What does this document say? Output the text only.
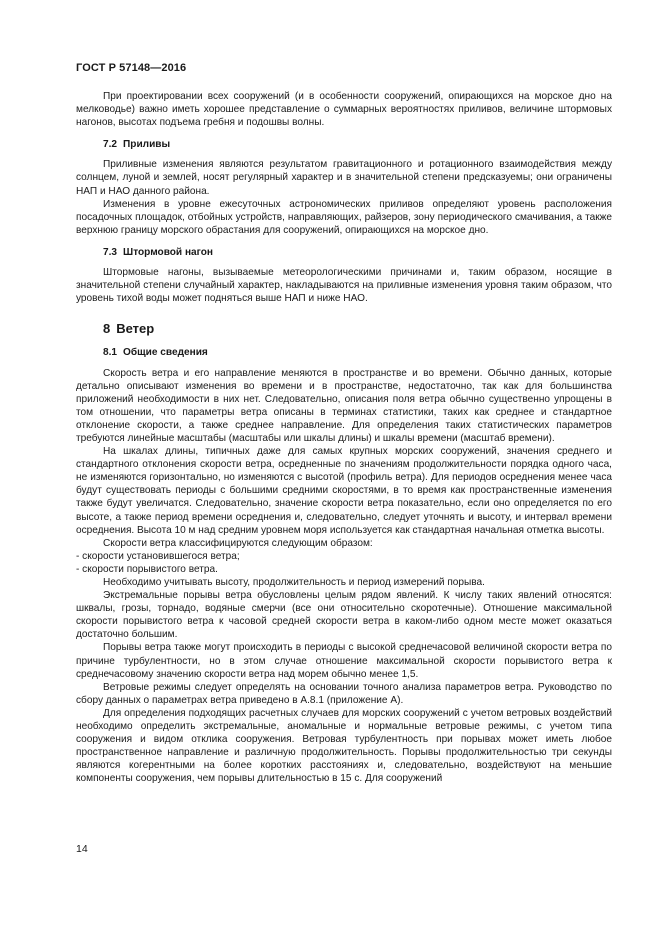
ГОСТ Р 57148—2016

При проектировании всех сооружений (и в особенности сооружений, опирающихся на морское дно на мелководье) важно иметь хорошее представление о суммарных вероятностях приливов, величине штормовых нагонов, высотах подъема гребня и подошвы волны.

7.2 Приливы

Приливные изменения являются результатом гравитационного и ротационного взаимодействия между солнцем, луной и землей, носят регулярный характер и в значительной степени предсказуемы; они ограничены НАП и НАО данного района.

Изменения в уровне ежесуточных астрономических приливов определяют уровень расположения посадочных площадок, отбойных устройств, направляющих, райзеров, зону периодического смачивания, а также верхнюю границу морского обрастания для сооружений, опирающихся на морское дно.

7.3 Штормовой нагон

Штормовые нагоны, вызываемые метеорологическими причинами и, таким образом, носящие в значительной степени случайный характер, накладываются на приливные изменения уровня таким образом, что уровень тихой воды может подняться выше НАП и ниже НАО.

8 Ветер
8.1 Общие сведения

Скорость ветра и его направление меняются в пространстве и во времени. Обычно данных, которые детально описывают изменения во времени и в пространстве, недостаточно, так как для большинства приложений необходимости в них нет. Следовательно, описания поля ветра обычно существенно упрощены в том отношении, что параметры ветра описаны в терминах статистики, таких как среднее и стандартное отклонение скорости, а также среднее направление. Для определения таких статистических параметров требуются линейные масштабы (масштабы или шкалы длины) и шкалы времени (масштаб времени).

На шкалах длины, типичных даже для самых крупных морских сооружений, значения среднего и стандартного отклонения скорости ветра, осредненные по значениям продолжительности порядка одного часа, не изменяются горизонтально, но изменяются с высотой (профиль ветра). Для периодов осреднения менее часа будут существовать периоды с большими средними скоростями, в то время как пространственные изменения также будут увеличатся. Следовательно, значение скорости ветра показательно, если оно определяется по его высоте, а также период времени осреднения и, следовательно, следует уточнять и высоту, и интервал времени осреднения. Высота 10 м над средним уровнем моря используется как стандартная начальная отметка высоты.

Скорости ветра классифицируются следующим образом:

- скорости установившегося ветра;

- скорости порывистого ветра.

Необходимо учитывать высоту, продолжительность и период измерений порыва.

Экстремальные порывы ветра обусловлены целым рядом явлений. К числу таких явлений относятся: шквалы, грозы, торнадо, водяные смерчи (все они относительно скоротечные). Отношение максимальной скорости порывистого ветра к часовой средней скорости ветра в каком-либо одном месте может оказаться достаточно большим.

Порывы ветра также могут происходить в периоды с высокой среднечасовой величиной скорости ветра по причине турбулентности, но в этом случае отношение максимальной скорости порывистого ветра к среднечасовому значению скорости ветра над морем обычно менее 1,5.

Ветровые режимы следует определять на основании точного анализа параметров ветра. Руководство по сбору данных о параметрах ветра приведено в А.8.1 (приложение А).

Для определения подходящих расчетных случаев для морских сооружений с учетом ветровых воздействий необходимо определить экстремальные, аномальные и нормальные ветровые режимы, с учетом типа сооружения и видом отклика сооружения. Ветровая турбулентность при порывах может иметь любое пространственное направление и различную продолжительность. Порывы продолжительностью три секунды являются когерентными на более коротких расстояниях и, следовательно, воздействуют на меньшие компоненты сооружения, чем порывы длительностью в 15 с. Для сооружений

14
